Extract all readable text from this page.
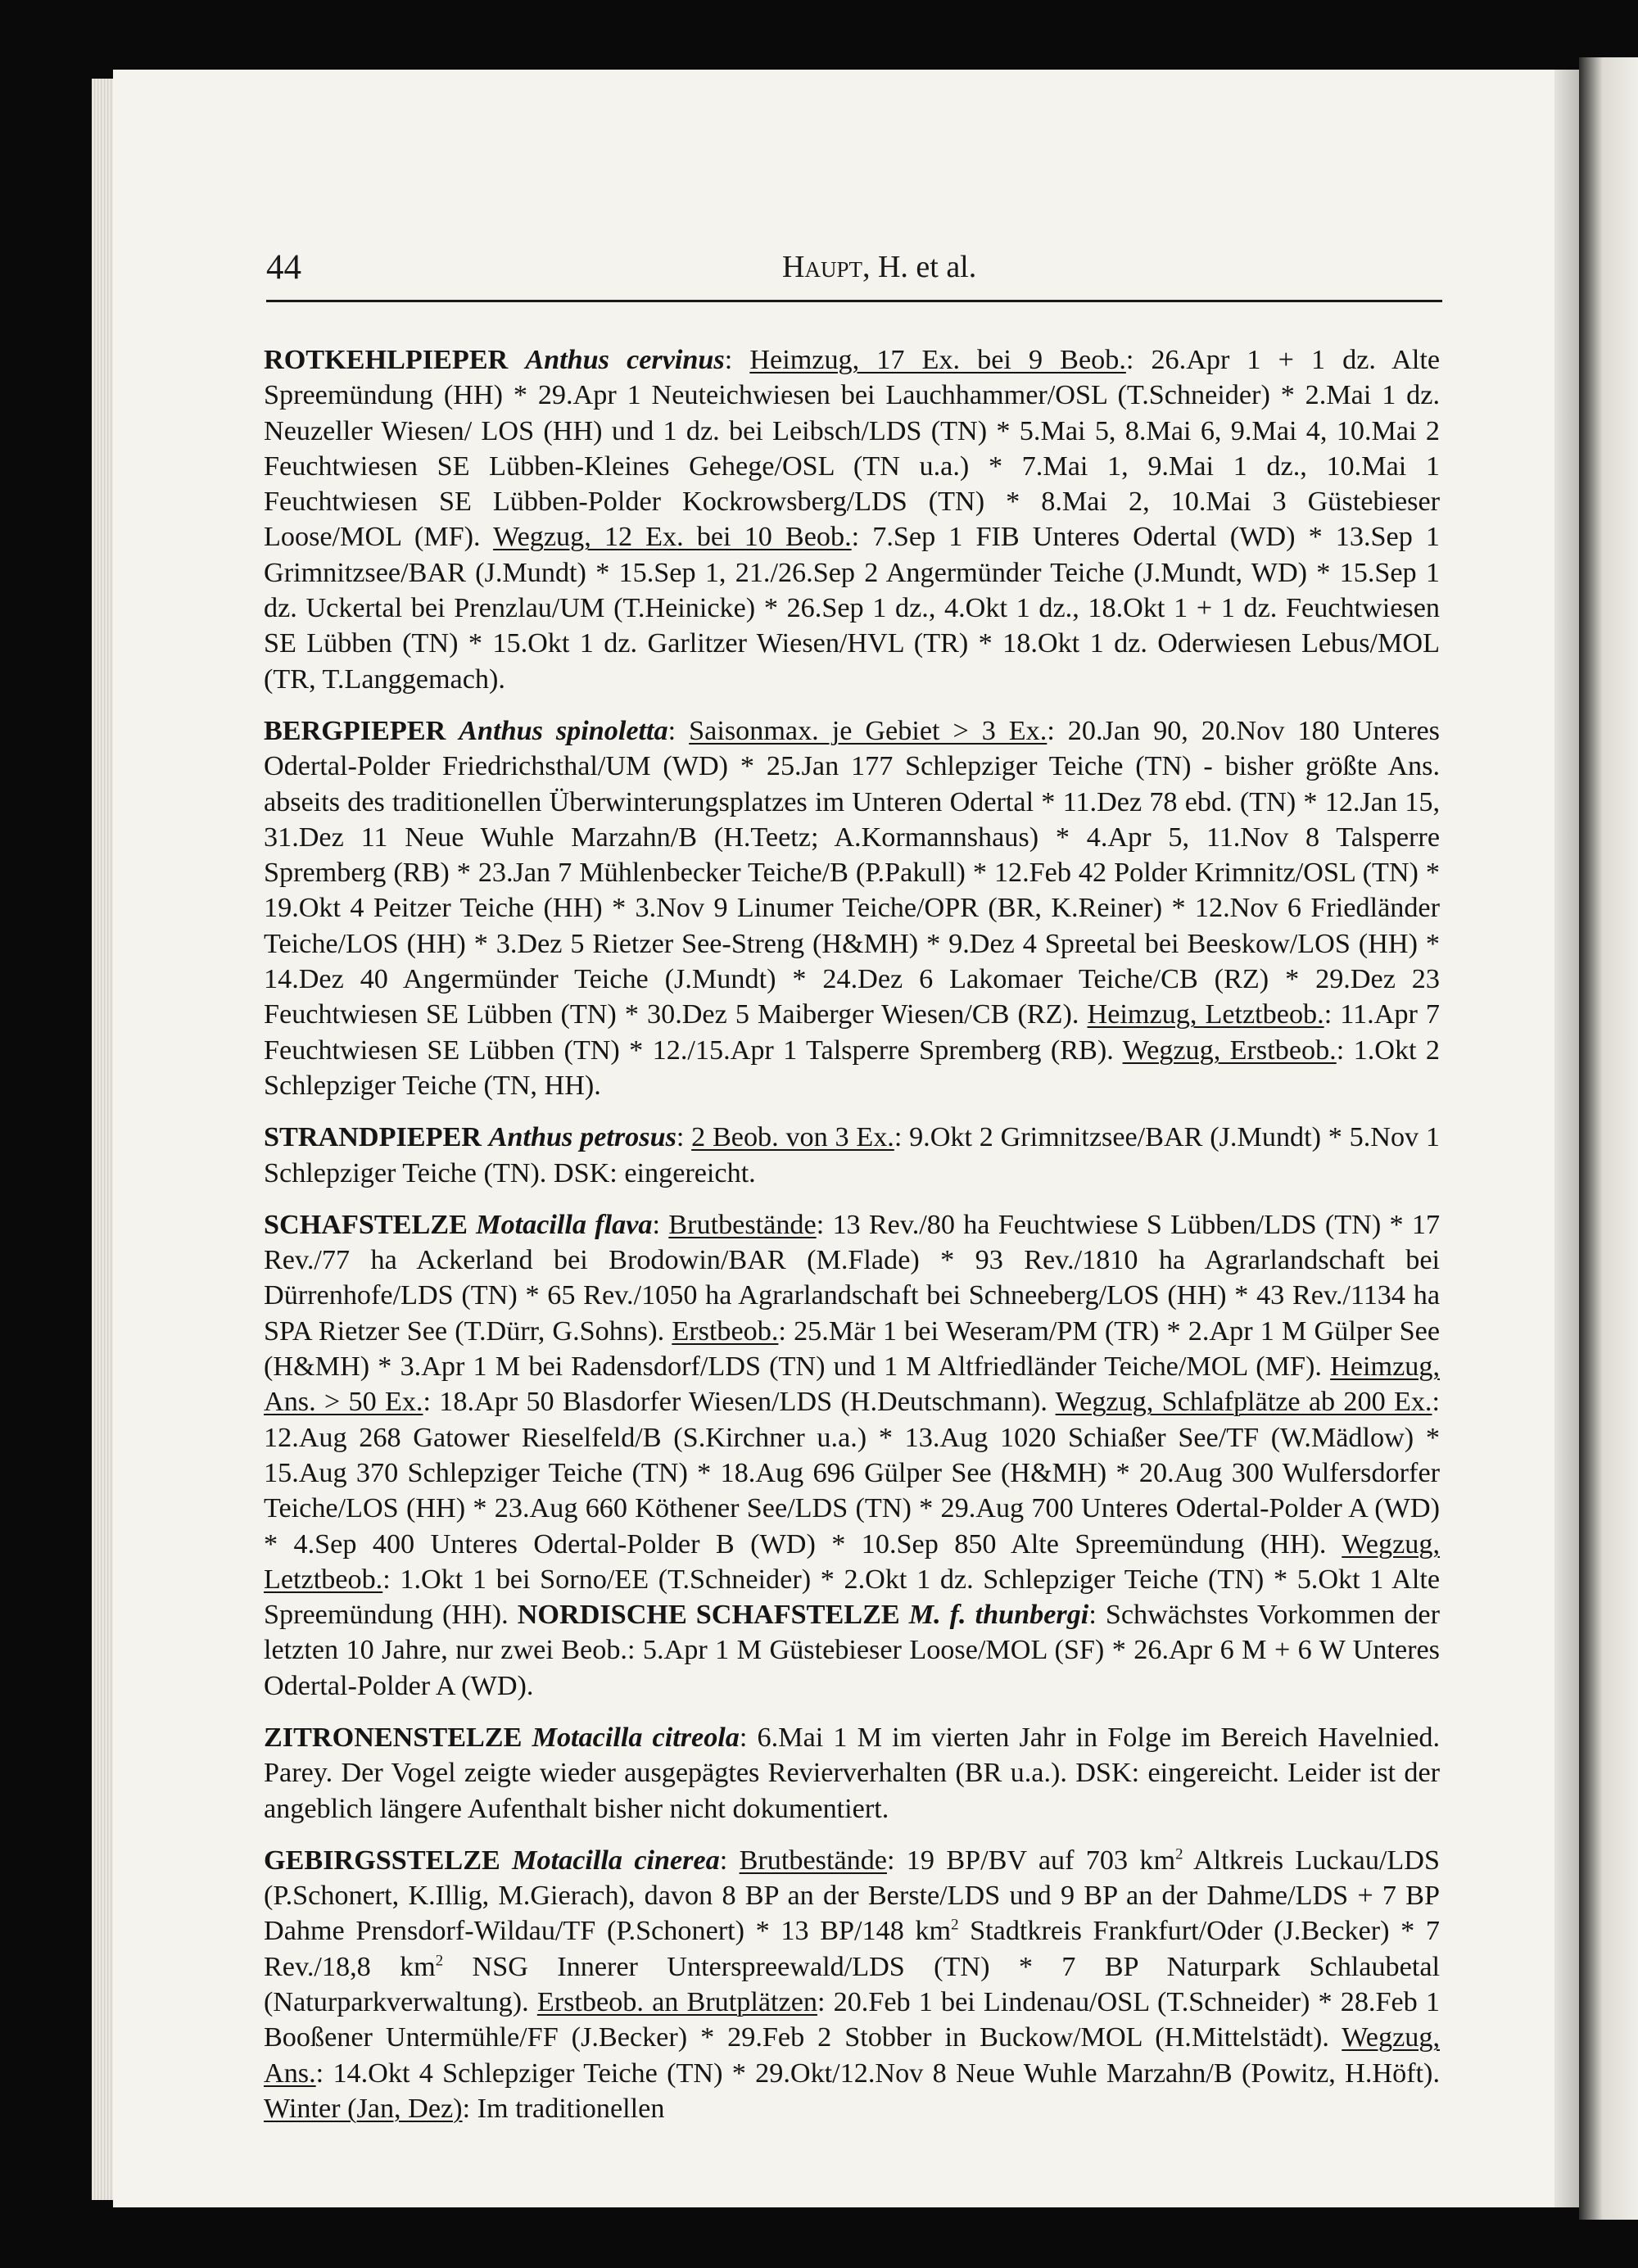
44	Haupt, H. et al.

ROTKEHLPIEPER Anthus cervinus: Heimzug, 17 Ex. bei 9 Beob.: 26.Apr 1 + 1 dz. Alte Spreemündung (HH) * 29.Apr 1 Neuteichwiesen bei Lauchhammer/OSL (T.Schneider) * 2.Mai 1 dz. Neuzeller Wiesen/ LOS (HH) und 1 dz. bei Leibsch/LDS (TN) * 5.Mai 5, 8.Mai 6, 9.Mai 4, 10.Mai 2 Feuchtwiesen SE Lübben-Kleines Gehege/OSL (TN u.a.) * 7.Mai 1, 9.Mai 1 dz., 10.Mai 1 Feuchtwiesen SE Lübben-Polder Kockrowsberg/LDS (TN) * 8.Mai 2, 10.Mai 3 Güstebieser Loose/MOL (MF). Wegzug, 12 Ex. bei 10 Beob.: 7.Sep 1 FIB Unteres Odertal (WD) * 13.Sep 1 Grimnitzsee/BAR (J.Mundt) * 15.Sep 1, 21./26.Sep 2 Angermünder Teiche (J.Mundt, WD) * 15.Sep 1 dz. Uckertal bei Prenzlau/UM (T.Heinicke) * 26.Sep 1 dz., 4.Okt 1 dz., 18.Okt 1 + 1 dz. Feuchtwiesen SE Lübben (TN) * 15.Okt 1 dz. Garlitzer Wiesen/HVL (TR) * 18.Okt 1 dz. Oderwiesen Lebus/MOL (TR, T.Langgemach).

BERGPIEPER Anthus spinoletta: Saisonmax. je Gebiet > 3 Ex.: 20.Jan 90, 20.Nov 180 Unteres Odertal-Polder Friedrichsthal/UM (WD) * 25.Jan 177 Schlepziger Teiche (TN) - bisher größte Ans. abseits des traditionellen Überwinterungsplatzes im Unteren Odertal * 11.Dez 78 ebd. (TN) * 12.Jan 15, 31.Dez 11 Neue Wuhle Marzahn/B (H.Teetz; A.Kormannshaus) * 4.Apr 5, 11.Nov 8 Talsperre Spremberg (RB) * 23.Jan 7 Mühlenbecker Teiche/B (P.Pakull) * 12.Feb 42 Polder Krimnitz/OSL (TN) * 19.Okt 4 Peitzer Teiche (HH) * 3.Nov 9 Linumer Teiche/OPR (BR, K.Reiner) * 12.Nov 6 Friedländer Teiche/LOS (HH) * 3.Dez 5 Rietzer See-Streng (H&MH) * 9.Dez 4 Spreetal bei Beeskow/LOS (HH) * 14.Dez 40 Angermünder Teiche (J.Mundt) * 24.Dez 6 Lakomaer Teiche/CB (RZ) * 29.Dez 23 Feuchtwiesen SE Lübben (TN) * 30.Dez 5 Maiberger Wiesen/CB (RZ). Heimzug, Letztbeob.: 11.Apr 7 Feuchtwiesen SE Lübben (TN) * 12./15.Apr 1 Talsperre Spremberg (RB). Wegzug, Erstbeob.: 1.Okt 2 Schlepziger Teiche (TN, HH).

STRANDPIEPER Anthus petrosus: 2 Beob. von 3 Ex.: 9.Okt 2 Grimnitzsee/BAR (J.Mundt) * 5.Nov 1 Schlepziger Teiche (TN). DSK: eingereicht.

SCHAFSTELZE Motacilla flava: Brutbestände: 13 Rev./80 ha Feuchtwiese S Lübben/LDS (TN) * 17 Rev./77 ha Ackerland bei Brodowin/BAR (M.Flade) * 93 Rev./1810 ha Agrarlandschaft bei Dürrenhofe/LDS (TN) * 65 Rev./1050 ha Agrarlandschaft bei Schneeberg/LOS (HH) * 43 Rev./1134 ha SPA Rietzer See (T.Dürr, G.Sohns). Erstbeob.: 25.Mär 1 bei Weseram/PM (TR) * 2.Apr 1 M Gülper See (H&MH) * 3.Apr 1 M bei Radensdorf/LDS (TN) und 1 M Altfriedländer Teiche/MOL (MF). Heimzug, Ans. > 50 Ex.: 18.Apr 50 Blasdorfer Wiesen/LDS (H.Deutschmann). Wegzug, Schlafplätze ab 200 Ex.: 12.Aug 268 Gatower Rieselfeld/B (S.Kirchner u.a.) * 13.Aug 1020 Schiaßer See/TF (W.Mädlow) * 15.Aug 370 Schlepziger Teiche (TN) * 18.Aug 696 Gülper See (H&MH) * 20.Aug 300 Wulfersdorfer Teiche/LOS (HH) * 23.Aug 660 Köthener See/LDS (TN) * 29.Aug 700 Unteres Odertal-Polder A (WD) * 4.Sep 400 Unteres Odertal-Polder B (WD) * 10.Sep 850 Alte Spreemündung (HH). Wegzug, Letztbeob.: 1.Okt 1 bei Sorno/EE (T.Schneider) * 2.Okt 1 dz. Schlepziger Teiche (TN) * 5.Okt 1 Alte Spreemündung (HH). NORDISCHE SCHAFSTELZE M. f. thunbergi: Schwächstes Vorkommen der letzten 10 Jahre, nur zwei Beob.: 5.Apr 1 M Güstebieser Loose/MOL (SF) * 26.Apr 6 M + 6 W Unteres Odertal-Polder A (WD).

ZITRONENSTELZE Motacilla citreola: 6.Mai 1 M im vierten Jahr in Folge im Bereich Havelnied. Parey. Der Vogel zeigte wieder ausgepägtes Revierverhalten (BR u.a.). DSK: eingereicht. Leider ist der angeblich längere Aufenthalt bisher nicht dokumentiert.

GEBIRGSSTELZE Motacilla cinerea: Brutbestände: 19 BP/BV auf 703 $km^2$ Altkreis Luckau/LDS (P.Schonert, K.Illig, M.Gierach), davon 8 BP an der Berste/LDS und 9 BP an der Dahme/LDS + 7 BP Dahme Prensdorf-Wildau/TF (P.Schonert) * 13 BP/148 $km^2$ Stadtkreis Frankfurt/Oder (J.Becker) * 7 Rev./18,8 $km^2$ NSG Innerer Unterspreewald/LDS (TN) * 7 BP Naturpark Schlaubetal (Naturparkverwaltung). Erstbeob. an Brutplätzen: 20.Feb 1 bei Lindenau/OSL (T.Schneider) * 28.Feb 1 Booßener Untermühle/FF (J.Becker) * 29.Feb 2 Stobber in Buckow/MOL (H.Mittelstädt). Wegzug, Ans.: 14.Okt 4 Schlepziger Teiche (TN) * 29.Okt/12.Nov 8 Neue Wuhle Marzahn/B (Powitz, H.Höft). Winter (Jan, Dez): Im traditionellen
